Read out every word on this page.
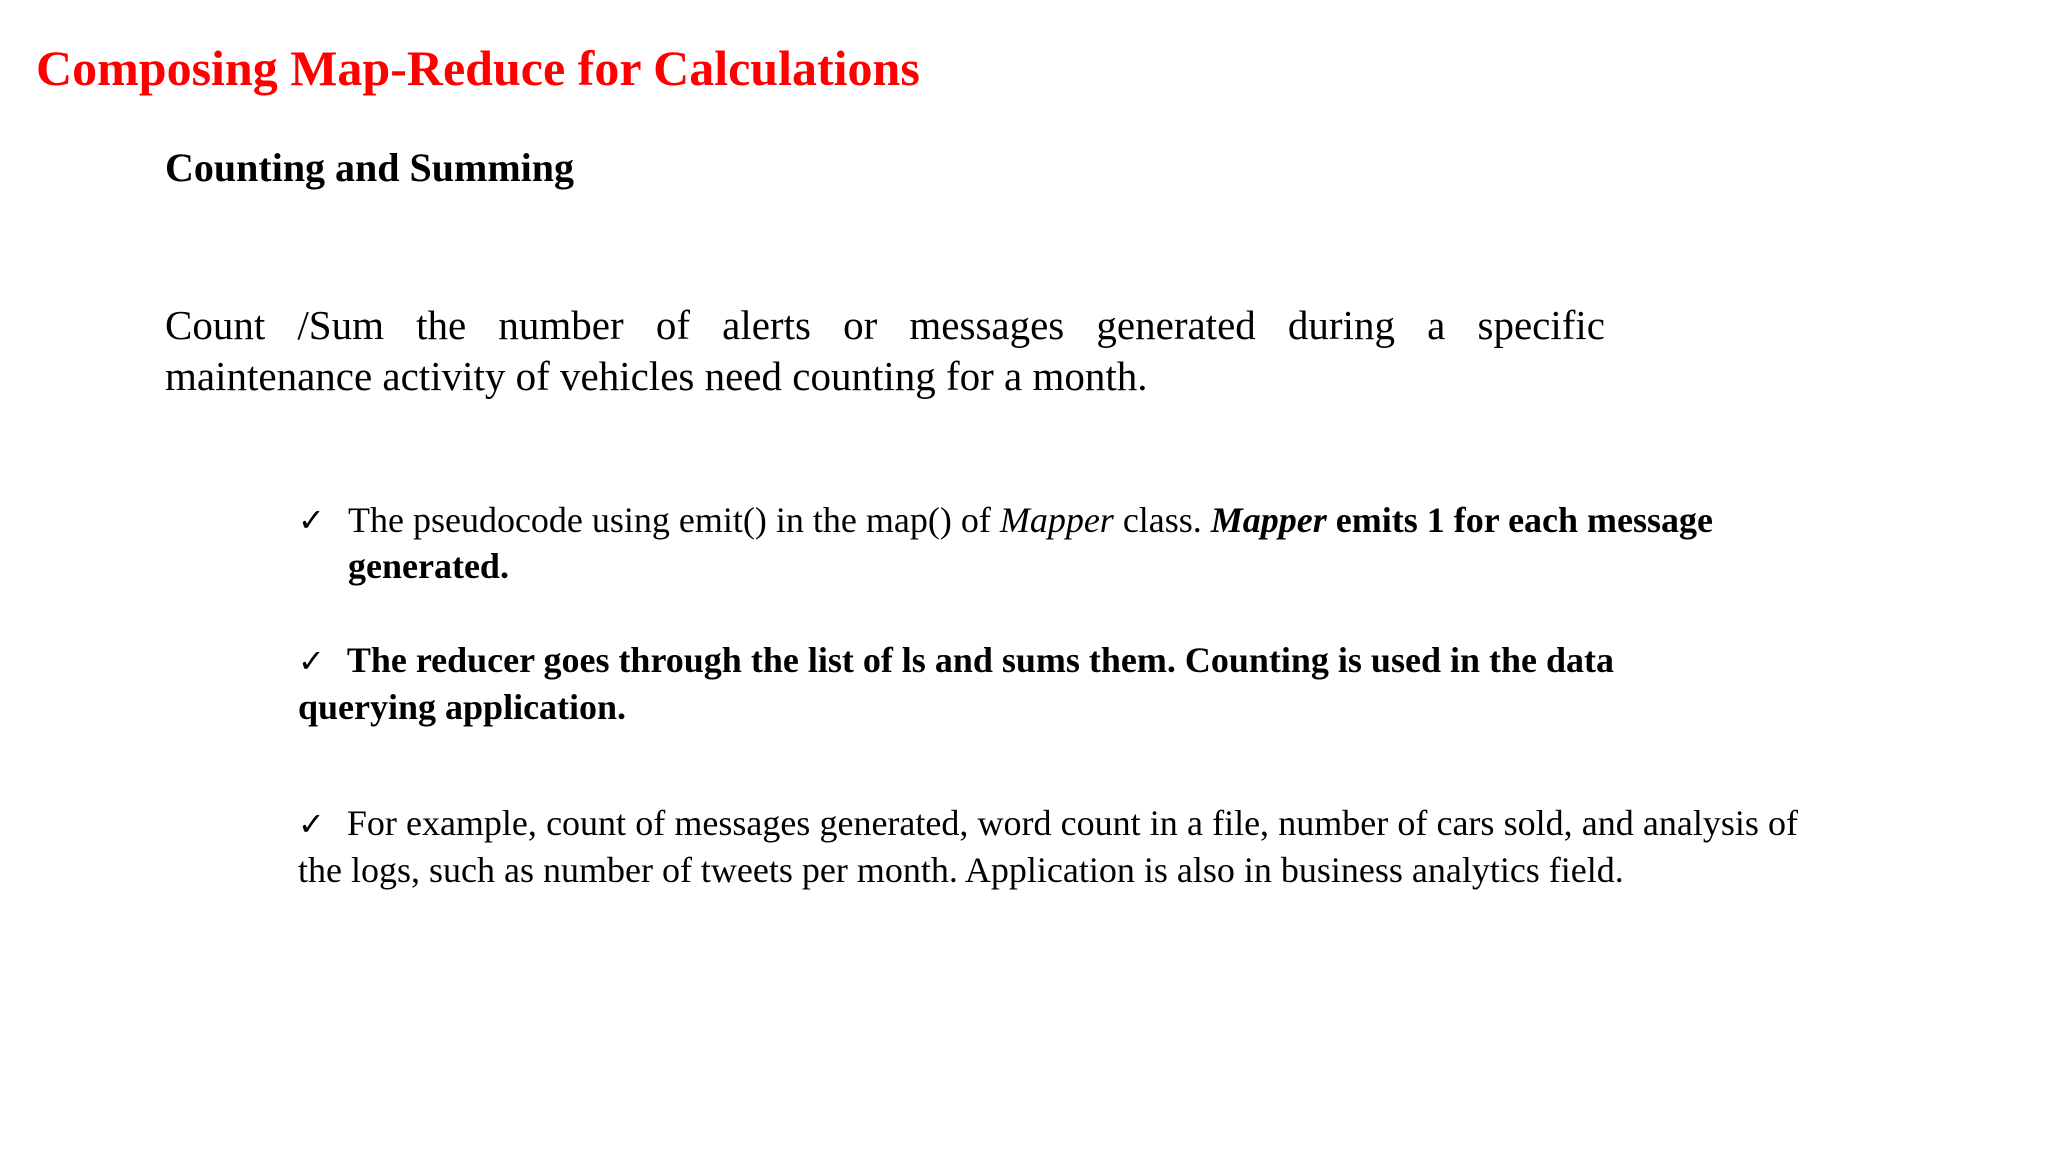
Composing Map-Reduce for Calculations
Counting and Summing

Count /Sum the number of alerts or messages generated during a specific
maintenance activity of vehicles need counting for a month.

✓ The pseudocode using emit() in the map() of Mapper class. Mapper emits 1 for each message generated.
✓ The reducer goes through the list of ls and sums them. Counting is used in the data querying application.
✓ For example, count of messages generated, word count in a file, number of cars sold, and analysis of the logs, such as number of tweets per month. Application is also in business analytics field.
